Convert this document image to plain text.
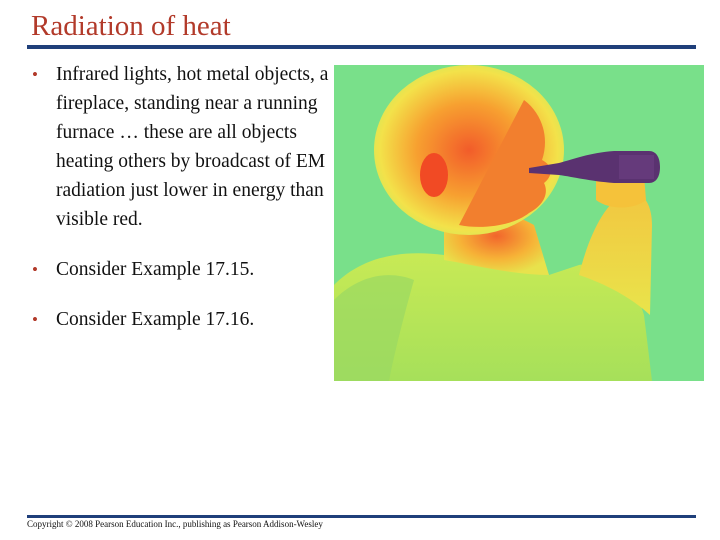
Radiation of heat
• Infrared lights, hot metal objects, a fireplace, standing near a running furnace … these are all objects heating others by broadcast of EM radiation just lower in energy than visible red.
• Consider Example 17.15.
• Consider Example 17.16.
Copyright © 2008 Pearson Education Inc., publishing as Pearson Addison-Wesley
